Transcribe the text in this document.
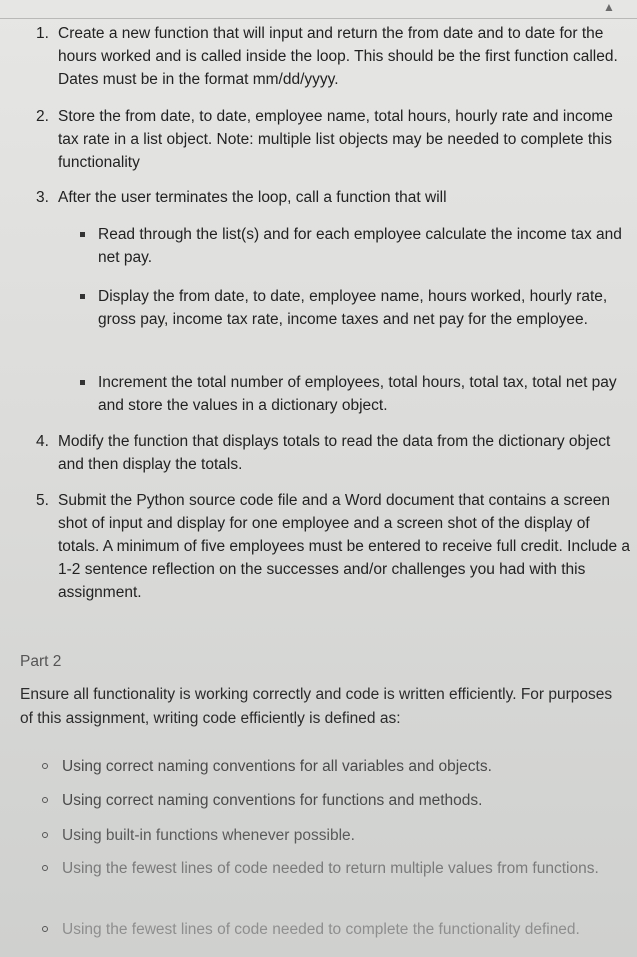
▲
1. Create a new function that will input and return the from date and to date for the hours worked and is called inside the loop. This should be the first function called. Dates must be in the format mm/dd/yyyy.
2. Store the from date, to date, employee name, total hours, hourly rate and income tax rate in a list object. Note: multiple list objects may be needed to complete this functionality
3. After the user terminates the loop, call a function that will
Read through the list(s) and for each employee calculate the income tax and net pay.
Display the from date, to date, employee name, hours worked, hourly rate, gross pay, income tax rate, income taxes and net pay for the employee.
Increment the total number of employees, total hours, total tax, total net pay and store the values in a dictionary object.
4. Modify the function that displays totals to read the data from the dictionary object and then display the totals.
5. Submit the Python source code file and a Word document that contains a screen shot of input and display for one employee and a screen shot of the display of totals. A minimum of five employees must be entered to receive full credit. Include a 1-2 sentence reflection on the successes and/or challenges you had with this assignment.
Part 2
Ensure all functionality is working correctly and code is written efficiently. For purposes of this assignment, writing code efficiently is defined as:
Using correct naming conventions for all variables and objects.
Using correct naming conventions for functions and methods.
Using built-in functions whenever possible.
Using the fewest lines of code needed to return multiple values from functions.
Using the fewest lines of code needed to complete the functionality defined.
